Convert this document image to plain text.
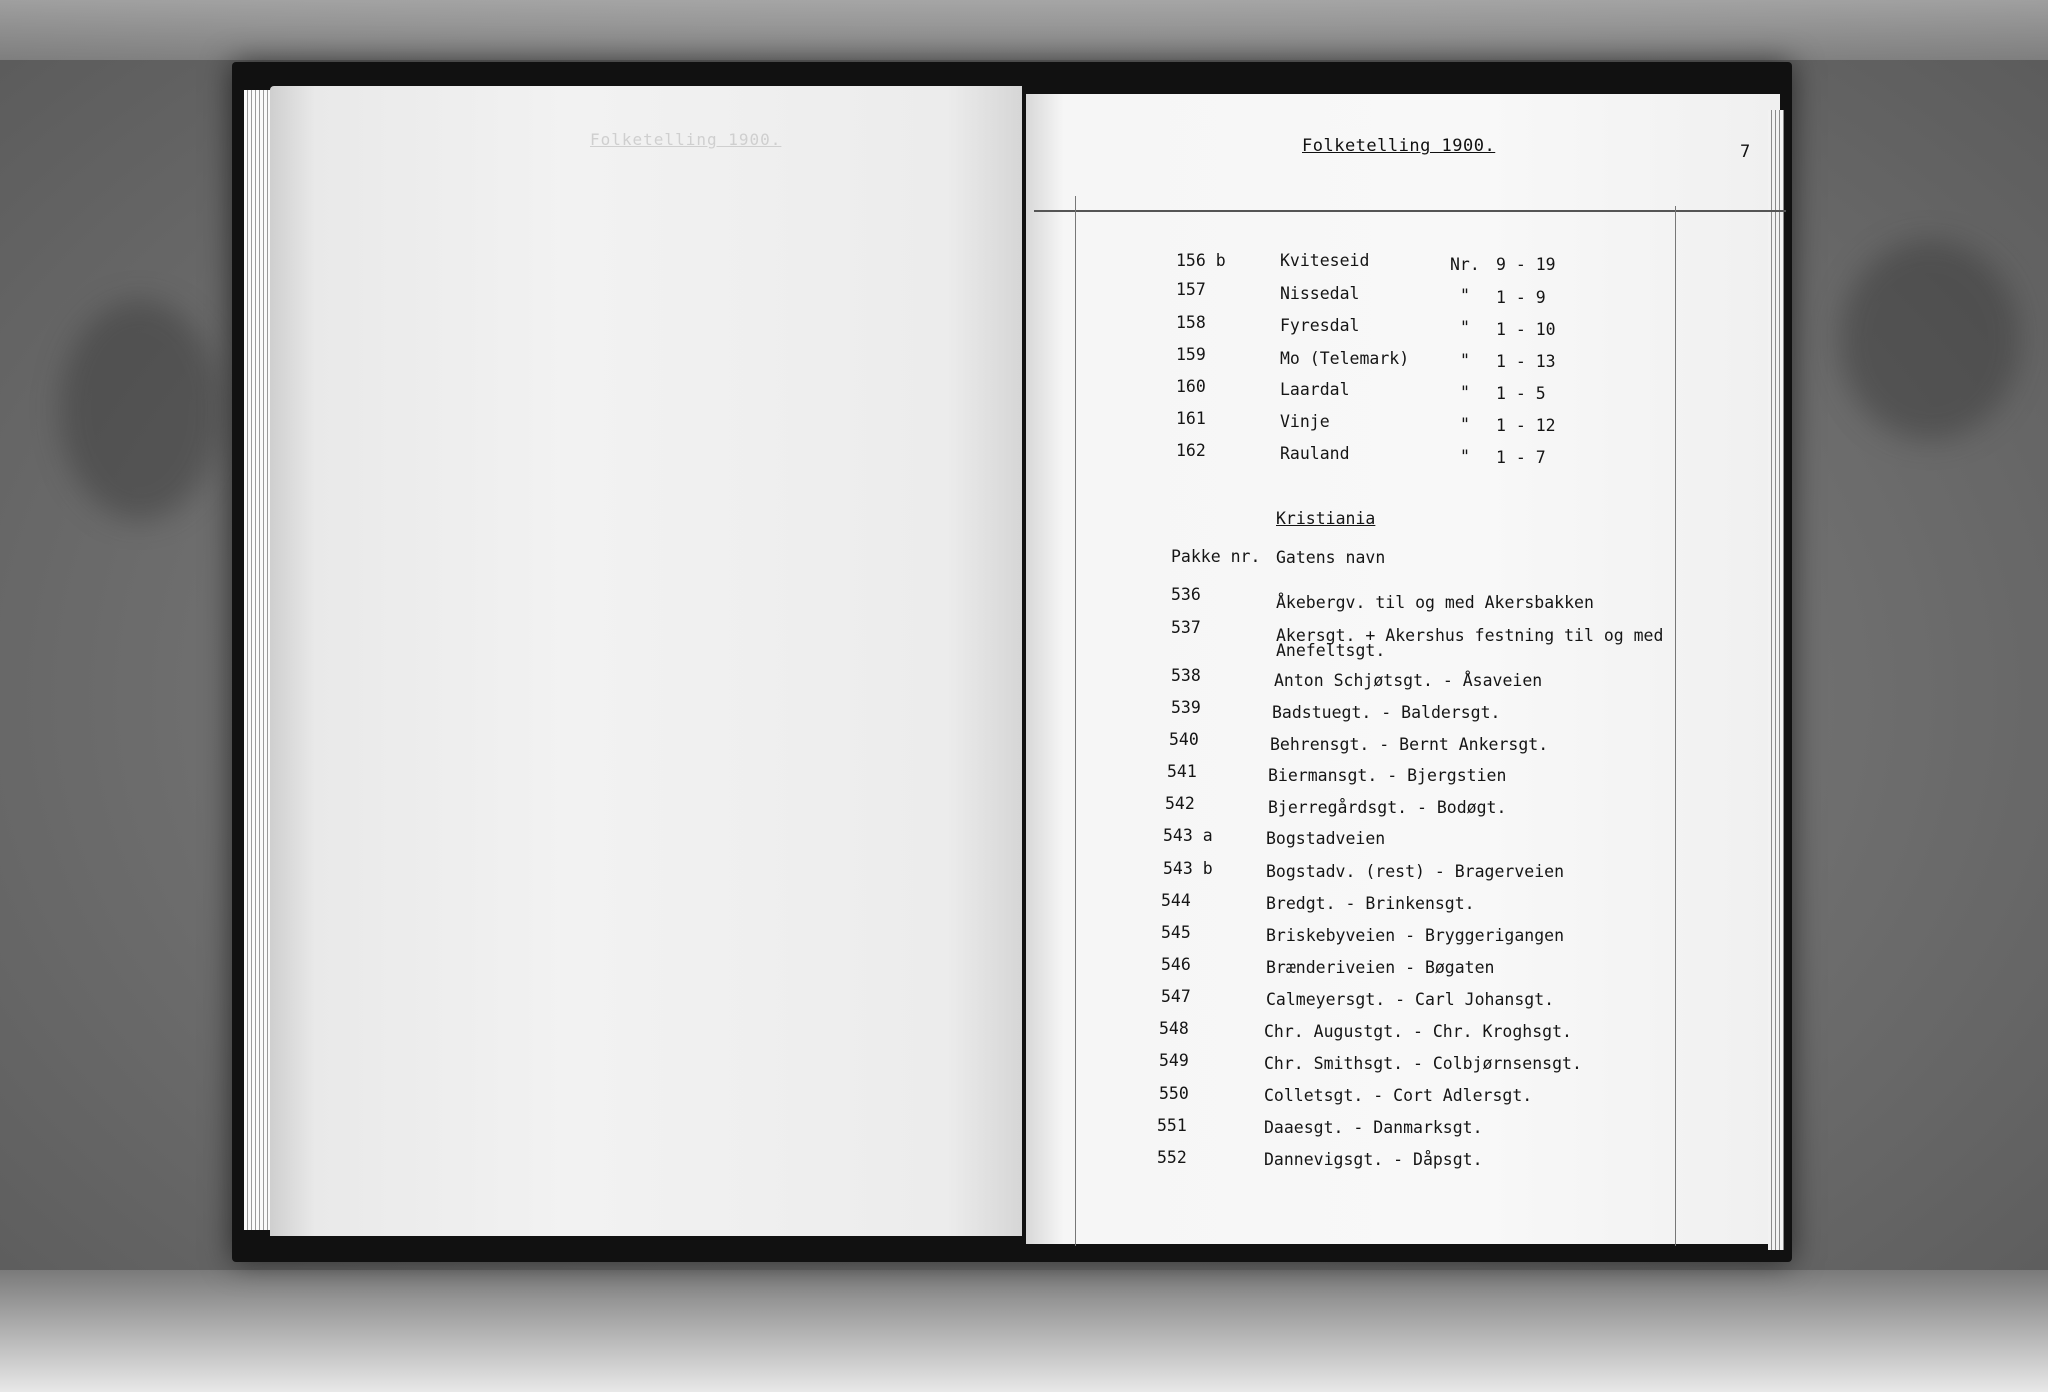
Folketelling 1900.	Folketelling 1900.	7
156 b	Kviteseid	Nr. 9 - 19
157	Nissedal	" 1 - 9
158	Fyresdal	" 1 - 10
159	Mo (Telemark)	" 1 - 13
160	Laardal	" 1 - 5
161	Vinje	" 1 - 12
162	Rauland	" 1 - 7
Kristiania
Pakke nr. Gatens navn
536	Åkebergv. til og med Akersbakken
537	Akersgt. + Akershus festning til og med
Anefeltsgt.
538	Anton Schjøtsgt. - Åsaveien
539	Badstuegt. - Baldersgt.
540	Behrensgt. - Bernt Ankersgt.
541	Biermansgt. - Bjergstien
542	Bjerregårdsgt. - Bodøgt.
543 a	Bogstadveien
543 b	Bogstadv. (rest) - Bragerveien
544	Bredgt. - Brinkensgt.
545	Briskebyveien - Bryggerigangen
546	Brænderiveien - Bøgaten
547	Calmeyersgt. - Carl Johansgt.
548	Chr. Augustgt. - Chr. Kroghsgt.
549	Chr. Smithsgt. - Colbjørnsensgt.
550	Colletsgt. - Cort Adlersgt.
551	Daaesgt. - Danmarksgt.
552	Dannevigsgt. - Dåpsgt.
